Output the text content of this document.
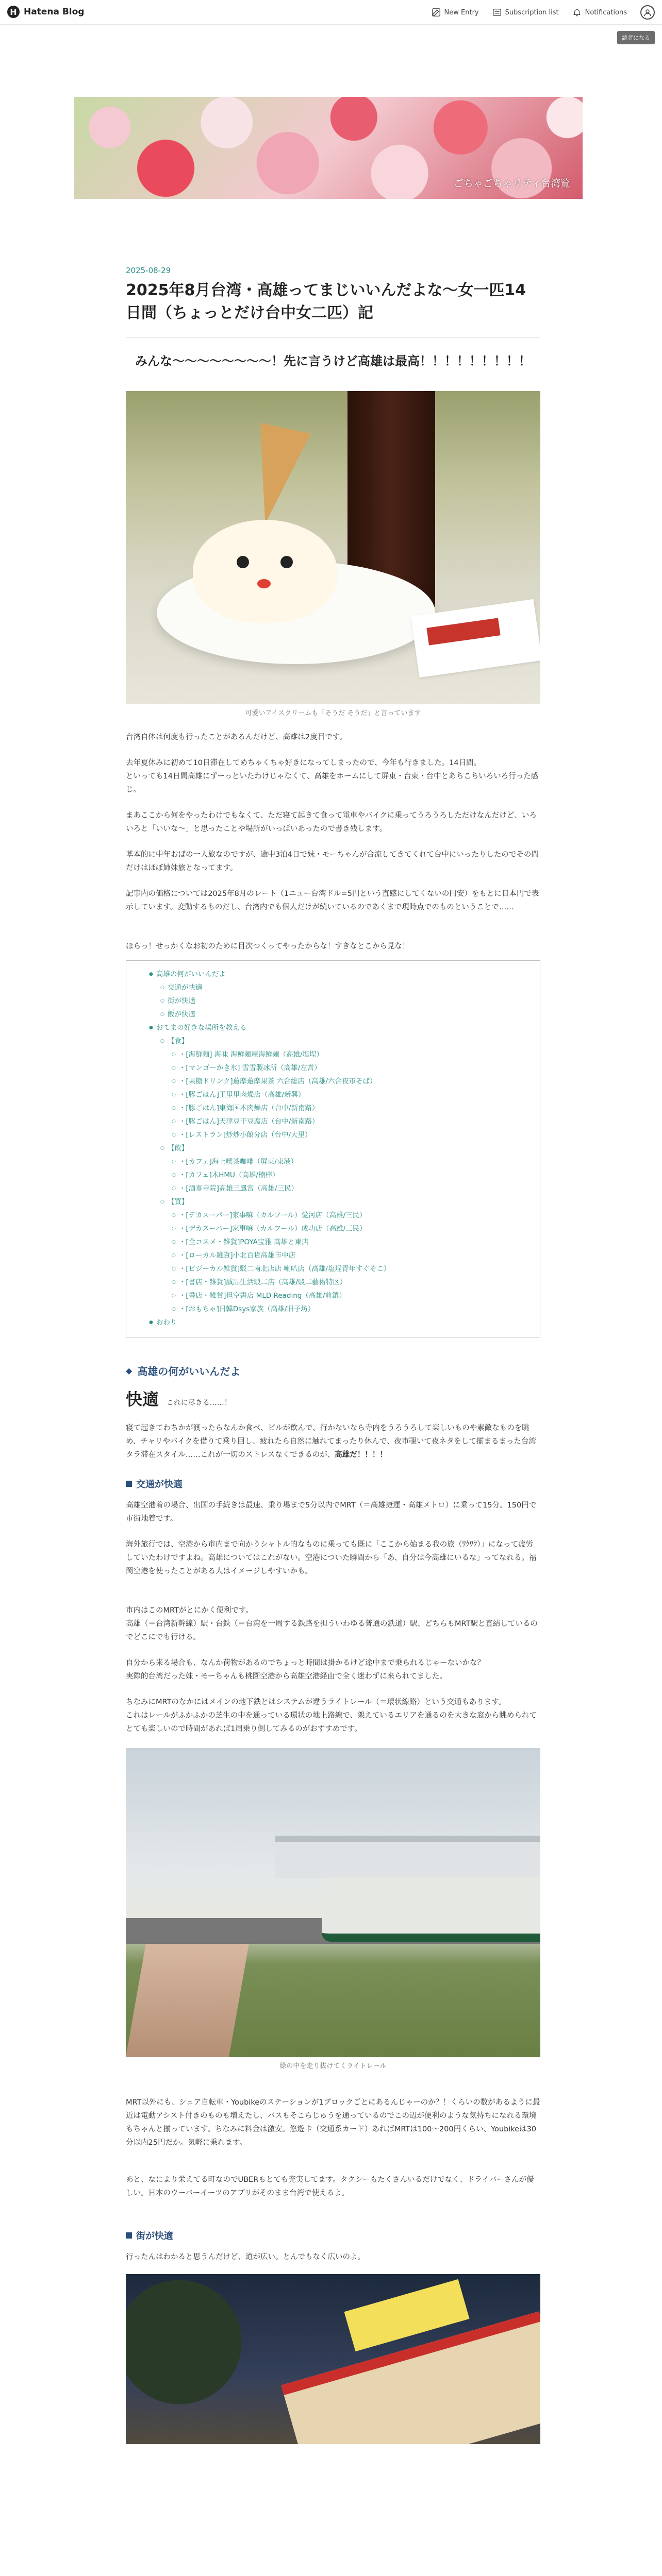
H Hatena Blog	New Entry	Subscription list	Notifications
読者になる
ごちゃごちゃリティ台湾覧
2025-08-29
2025年8月台湾・高雄ってまじいいんだよな〜女一匹14日間（ちょっとだけ台中女二匹）記

みんな〜〜〜〜〜〜〜〜！先に言うけど高雄は最高！！！！！！！！！

可愛いアイスクリームも「そうだ そうだ」と言っています

台湾自体は何度も行ったことがあるんだけど、高雄は2度目です。

去年夏休みに初めて10日滞在してめちゃくちゃ好きになってしまったので、今年も行きました。14日間。
といっても14日間高雄にずーっといたわけじゃなくて、高雄をホームにして屏東・台東・台中とあちこちいろいろ行った感じ。

まあここから何をやったわけでもなくて、ただ寝て起きて食って電車やバイクに乗ってうろうろしただけなんだけど、いろいろと「いいな〜」と思ったことや場所がいっぱいあったので書き残します。

基本的に中年おばの一人旅なのですが、途中3泊4日で妹・モーちゃんが合流してきてくれて台中にいったりしたのでその間だけはほぼ姉妹旅となってます。

記事内の価格については2025年8月のレート（1ニュー台湾ドル=5円という直感にしてくないの円安）をもとに日本円で表示しています。変動するものだし、台湾内でも個人だけが続いているのであくまで現時点でのものということで……

ほらっ！せっかくなお初のために目次つくってやったからな！すきなとこから見な！

● 高雄の何がいいんだよ
○ 交通が快適
○ 街が快適
○ 飯が快適
● おてまの好きな場所を教える
○ 【食】
○ ・[海鮮麺] 海味 海鮮麺屋海鮮麺（高雄/塩埕）
○ ・[マンゴーかき氷] 雪雪製冰所（高雄/左営）
○ ・[果糖ドリンク]蓮摩蓮摩果茶 六合総店（高雄/六合夜市そば）
○ ・[豚ごはん]王里里肉燥店（高雄/新興）
○ ・[豚ごはん]東海国本肉燥店（台中/新南路）
○ ・[豚ごはん]天津豆干豆腐店（台中/新南路）
○ ・[レストラン]炒炒小館分店（台中/大里）
○ 【飲】
○ ・[カフェ]海上喫茶咖啡（屏東/東港）
○ ・[カフェ]木HMU（高雄/楠梓）
○ ・[酒専寺院]高雄三鳳宮（高雄/三民）
○ 【買】
○ ・[デカスーパー]家事嘛（カルフール）愛河店（高雄/三民）
○ ・[デカスーパー]家事嘛（カルフール）成功店（高雄/三民）
○ ・[全コスメ・雑貨]POYA宝雅 高雄と東店
○ ・[ローカル雑貨]小北百貨高雄市中店
○ ・[ビジーカル雑貨]駁二南北店店 喇叭店（高雄/塩埕青年すぐそこ）
○ ・[書店・雑貨]誠品生活駁二店（高雄/駁二藝術特区）
○ ・[書店・雑貨]但空書店 MLD Reading（高雄/前鎮）
○ ・[おもちゃ]日韓Dsys家族（高雄/旧子坊）
● おわり
◆ 高雄の何がいいんだよ
快適 これに尽きる……！

寝て起きてわちかが渡ったらなんか食べ、ビルが飲んで、行かないなら寺内をうろうろして楽しいものや素敵なものを眺め、チャリやバイクを借りて乗り回し、疲れたら自然に触れてまったり休んで、夜市覗いて夜ネタをして揃まるまった台湾タラ滞在スタイル……これが一切のストレスなくできるのが、高雄だ！！！！

交通が快適

高雄空港着の場合、出国の手続きは最速、乗り場まで5分以内でMRT（＝高雄捷運・高雄メトロ）に乗って15分。150円で市街地着です。

海外旅行では、空港から市内まで向かうシャトル的なものに乗っても既に「ここから始まる我の旅（ﾜｸﾜｸ）」になって疲労していたわけですよね。高雄についてはこれがない。空港についた瞬間から「あ、自分は今高雄にいるな」ってなれる。福岡空港を使ったことがある人はイメージしやすいかも。

市内はこのMRTがとにかく便利です。
高雄（＝台湾新幹線）駅・台鉄（＝台湾を一周する鉄路を担ういわゆる普通の鉄道）駅、どちらもMRT駅と直結しているのでどこにでも行ける。

自分から来る場合も、なんか荷物があるのでちょっと時間は掛かるけど途中まで乗られるじゃーないかな？
実際的台湾だった妹・モーちゃんも桃園空港から高雄空港経由で全く迷わずに来られてました。

ちなみにMRTのなかにはメインの地下鉄とはシステムが違うライトレール（＝環状線路）という交通もあります。
これはレールがふかふかの芝生の中を通っている環状の地上路線で、架えているエリアを通るのを大きな窓から眺められてとても楽しいので時間があれば1周乗り倒してみるのがおすすめです。

緑の中を走り抜けてくライトレール

MRT以外にも、シェア自転車・Youbikeのステーションが1ブロックごとにあるんじゃーのか？！くらいの数があるように最近は電動アシスト付きのものも増えたし、バスもそこらじゅうを通っているのでこの辺が便利のような気持ちになれる環境もちゃんと揃っています。ちなみに料金は激安。悠遊卡（交通系カード）あればMRTは100〜200円くらい、Youbikeは30分以内25円だか。気軽に乗れます。

あと、なにより栄えてる町なのでUBERもとても充実してます。タクシーもたくさんいるだけでなく、ドライバーさんが優しい。日本のウーバーイーツのアプリがそのまま台湾で使えるよ。

街が快適

行ったんはわかると思うんだけど、道が広い。とんでもなく広いのよ。
